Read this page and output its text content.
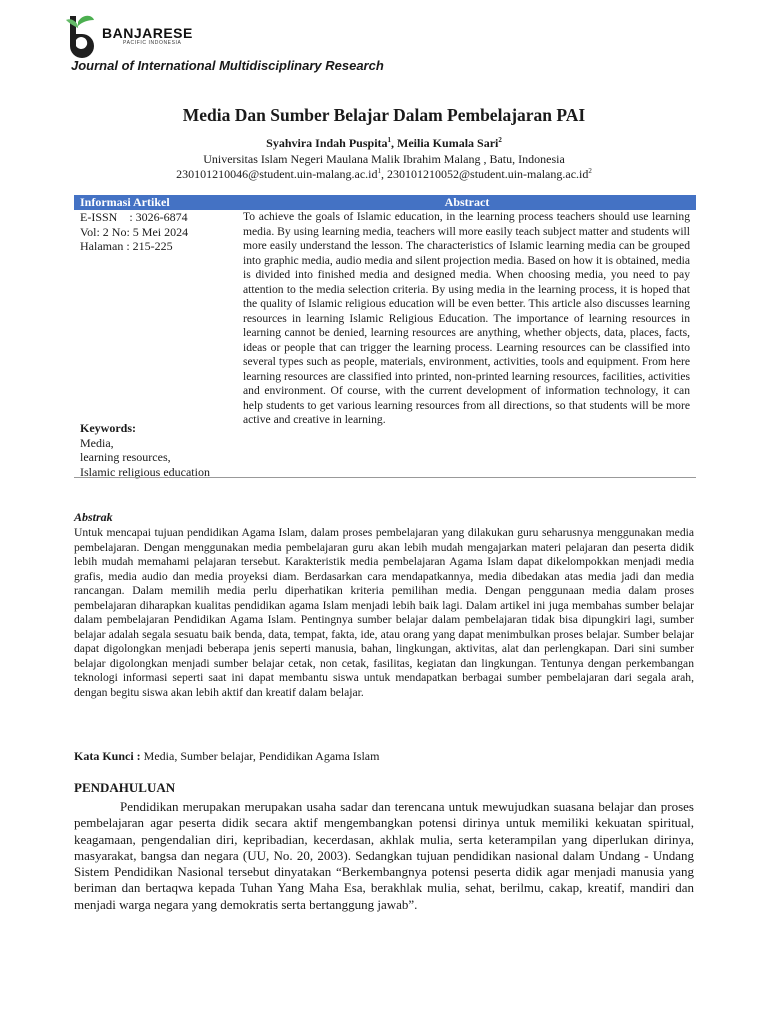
BANJARESE
PACIFIC INDONESIA
Journal of International Multidisciplinary Research
Media Dan Sumber Belajar Dalam Pembelajaran PAI
Syahvira Indah Puspita$^1$, Meilia Kumala Sari$^2$
Universitas Islam Negeri Maulana Malik Ibrahim Malang , Batu, Indonesia
$230101210046@student.uin-malang.ac.id^1$, $230101210052@student.uin-malang.ac.id^2$
Informasi Artikel	Abstract
E-ISSN    : 3026-6874
Vol: 2 No: 5 Mei 2024
Halaman : 215-225
To achieve the goals of Islamic education, in the learning process teachers should use learning media. By using learning media, teachers will more easily teach subject matter and students will more easily understand the lesson. The characteristics of Islamic learning media can be grouped into graphic media, audio media and silent projection media. Based on how it is obtained, media is divided into finished media and designed media. When choosing media, you need to pay attention to the media selection criteria. By using media in the learning process, it is hoped that the quality of Islamic religious education will be even better. This article also discusses learning resources in learning Islamic Religious Education. The importance of learning resources in learning cannot be denied, learning resources are anything, whether objects, data, places, facts, ideas or people that can trigger the learning process. Learning resources can be classified into several types such as people, materials, environment, activities, tools and equipment. From here learning resources are classified into printed, non-printed learning resources, facilities, activities and environment. Of course, with the current development of information technology, it can help students to get various learning resources from all directions, so that students will be more active and creative in learning.
Keywords:
Media,
learning resources,
Islamic religious education
Abstrak
Untuk mencapai tujuan pendidikan Agama Islam, dalam proses pembelajaran yang dilakukan guru seharusnya menggunakan media pembelajaran. Dengan menggunakan media pembelajaran guru akan lebih mudah mengajarkan materi pelajaran dan peserta didik lebih mudah memahami pelajaran tersebut. Karakteristik media pembelajaran Agama Islam dapat dikelompokkan menjadi media grafis, media audio dan media proyeksi diam. Berdasarkan cara mendapatkannya, media dibedakan atas media jadi dan media rancangan. Dalam memilih media perlu diperhatikan kriteria pemilihan media. Dengan penggunaan media dalam proses pembelajaran diharapkan kualitas pendidikan agama Islam menjadi lebih baik lagi. Dalam artikel ini juga membahas sumber belajar dalam pembelajaran Pendidikan Agama Islam. Pentingnya sumber belajar dalam pembelajaran tidak bisa dipungkiri lagi, sumber belajar adalah segala sesuatu baik benda, data, tempat, fakta, ide, atau orang yang dapat menimbulkan proses belajar. Sumber belajar dapat digolongkan menjadi beberapa jenis seperti manusia, bahan, lingkungan, aktivitas, alat dan perlengkapan. Dari sini sumber belajar digolongkan menjadi sumber belajar cetak, non cetak, fasilitas, kegiatan dan lingkungan. Tentunya dengan perkembangan teknologi informasi seperti saat ini dapat membantu siswa untuk mendapatkan berbagai sumber pembelajaran dari segala arah, dengan begitu siswa akan lebih aktif dan kreatif dalam belajar.
Kata Kunci : Media, Sumber belajar, Pendidikan Agama Islam
PENDAHULUAN
Pendidikan merupakan merupakan usaha sadar dan terencana untuk mewujudkan suasana belajar dan proses pembelajaran agar peserta didik secara aktif mengembangkan potensi dirinya untuk memiliki kekuatan spiritual, keagamaan, pengendalian diri, kepribadian, kecerdasan, akhlak mulia, serta keterampilan yang diperlukan dirinya, masyarakat, bangsa dan negara (UU, No. 20, 2003). Sedangkan tujuan pendidikan nasional dalam Undang - Undang Sistem Pendidikan Nasional tersebut dinyatakan “Berkembangnya potensi peserta didik agar menjadi manusia yang beriman dan bertaqwa kepada Tuhan Yang Maha Esa, berakhlak mulia, sehat, berilmu, cakap, kreatif, mandiri dan menjadi warga negara yang demokratis serta bertanggung jawab”.
